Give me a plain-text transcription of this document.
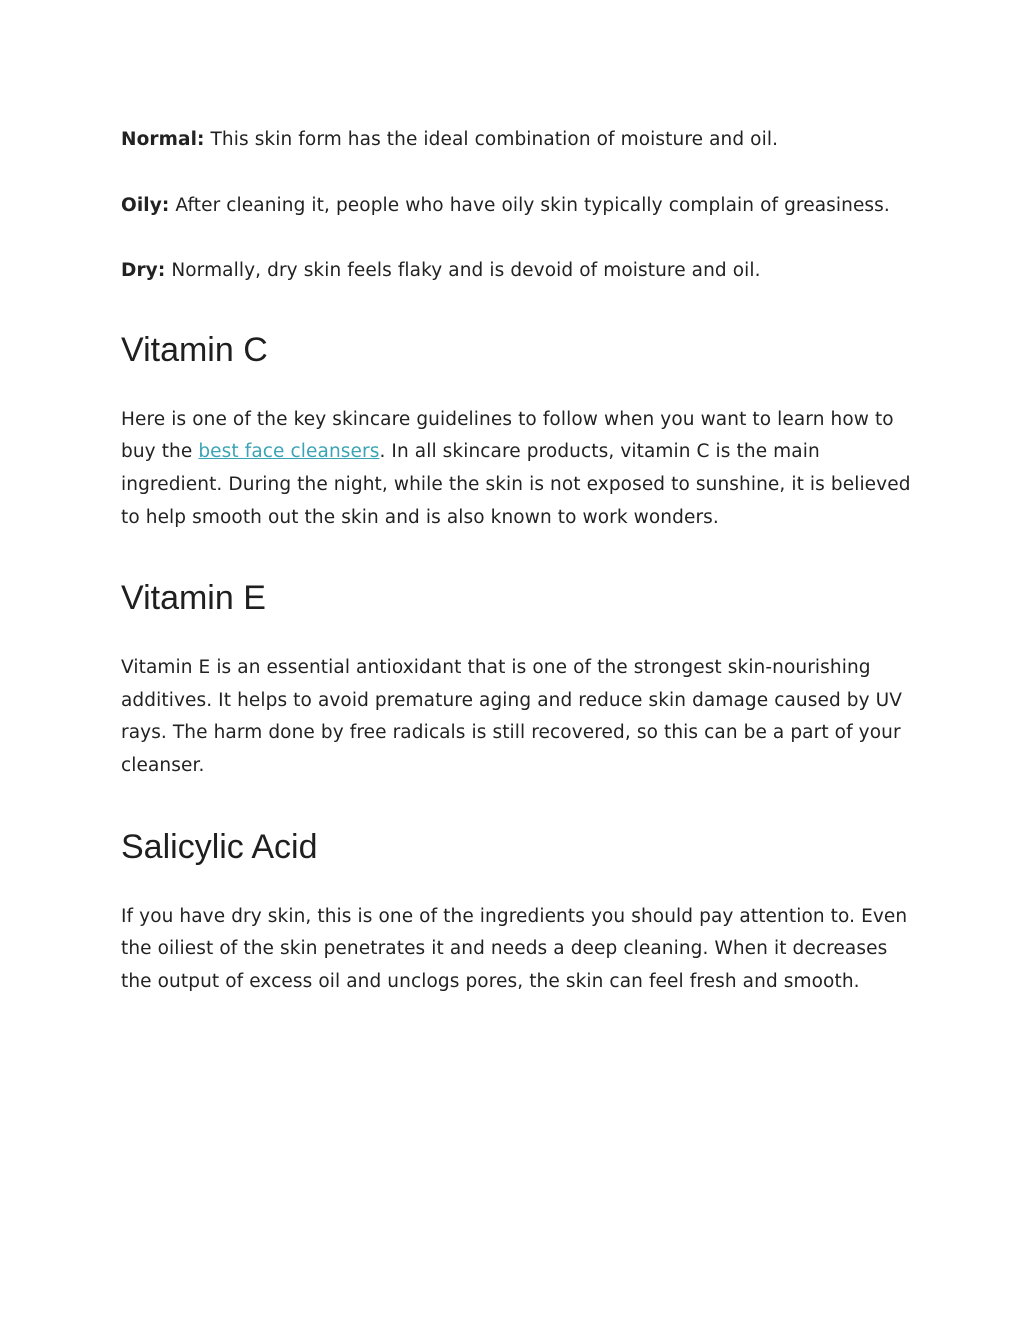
Normal: This skin form has the ideal combination of moisture and oil.

Oily: After cleaning it, people who have oily skin typically complain of greasiness.

Dry: Normally, dry skin feels flaky and is devoid of moisture and oil.

Vitamin C

Here is one of the key skincare guidelines to follow when you want to learn how to buy the best face cleansers. In all skincare products, vitamin C is the main ingredient. During the night, while the skin is not exposed to sunshine, it is believed to help smooth out the skin and is also known to work wonders.

Vitamin E

Vitamin E is an essential antioxidant that is one of the strongest skin-nourishing additives. It helps to avoid premature aging and reduce skin damage caused by UV rays. The harm done by free radicals is still recovered, so this can be a part of your cleanser.

Salicylic Acid

If you have dry skin, this is one of the ingredients you should pay attention to. Even the oiliest of the skin penetrates it and needs a deep cleaning. When it decreases the output of excess oil and unclogs pores, the skin can feel fresh and smooth.
